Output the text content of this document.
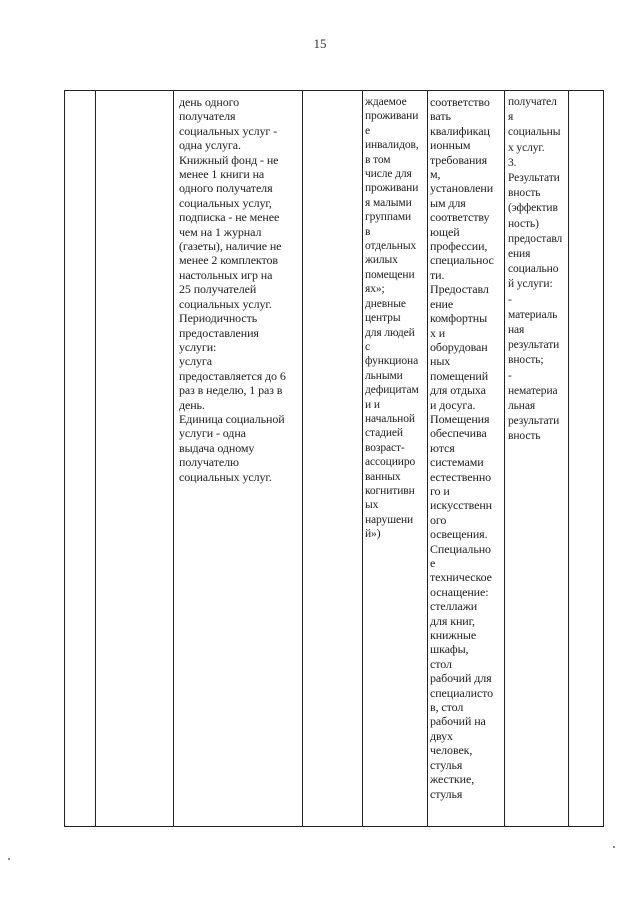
15
день одного
получателя
социальных услуг -
одна услуга.
Книжный фонд - не
менее 1 книги на
одного получателя
социальных услуг,
подписка - не менее
чем на 1 журнал
(газеты), наличие не
менее 2 комплектов
настольных игр на
25 получателей
социальных услуг.
Периодичность
предоставления
услуги:
услуга
предоставляется до 6
раз в неделю, 1 раз в
день.
Единица социальной
услуги - одна
выдача одному
получателю
социальных услуг.
ждаемое
проживани
е
инвалидов,
в том
числе для
проживани
я малыми
группами
в
отдельных
жилых
помещени
ях»;
дневные
центры
для людей
с
функциона
льными
дефицитам
и и
начальной
стадией
возраст-
ассоцииро
ванных
когнитивн
ых
нарушени
й»)
соответство
вать
квалификац
ионным
требования
м,
установлени
ым для
соответству
ющей
профессии,
специальнос
ти.
Предоставл
ение
комфортны
х и
оборудован
ных
помещений
для отдыха
и досуга.
Помещения
обеспечива
ются
системами
естественно
го и
искусственн
ого
освещения.
Специально
е
техническое
оснащение:
стеллажи
для книг,
книжные
шкафы,
стол
рабочий для
специалисто
в, стол
рабочий на
двух
человек,
стулья
жесткие,
стулья
получател
я
социальны
х услуг.
3.
Результати
вность
(эффектив
ность)
предоставл
ения
социально
й услуги:
-
материаль
ная
результати
вность;
-
нематериа
льная
результати
вность
